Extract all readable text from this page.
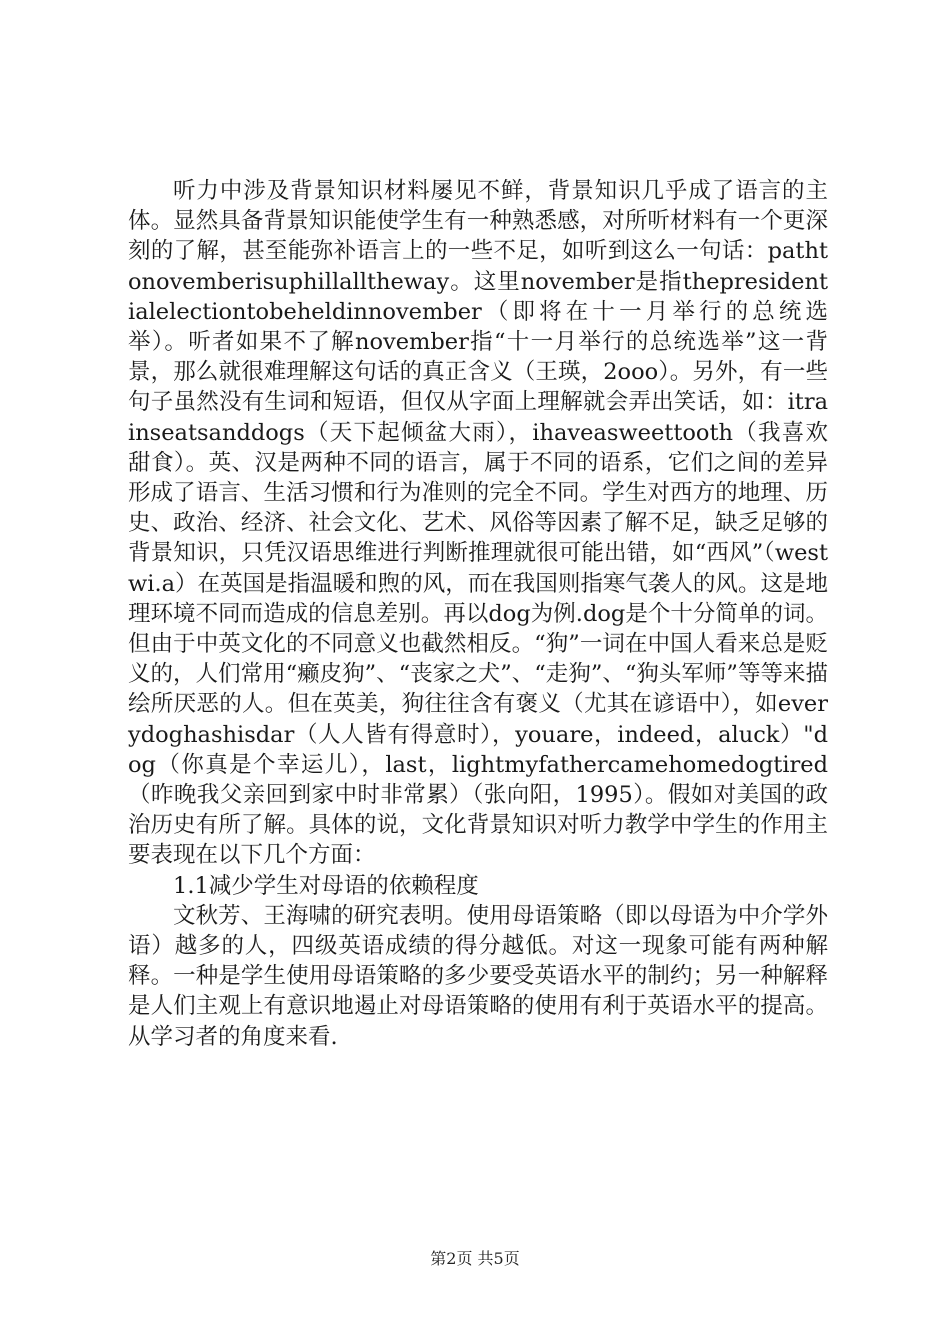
听力中涉及背景知识材料屡见不鲜，背景知识几乎成了语言的主体。显然具备背景知识能使学生有一种熟悉感，对所听材料有一个更深刻的了解，甚至能弥补语言上的一些不足，如听到这么一句话：pathtonovemberisuphillalltheway。这里november是指thepresidentialelectiontobeheldinnovember（即将在十一月举行的总统选举）。听者如果不了解november指“十一月举行的总统选举”这一背景，那么就很难理解这句话的真正含义（王瑛，2ooo）。另外，有一些句子虽然没有生词和短语，但仅从字面上理解就会弄出笑话，如：itrainseatsanddogs（天下起倾盆大雨），ihaveasweettooth（我喜欢甜食）。英、汉是两种不同的语言，属于不同的语系，它们之间的差异形成了语言、生活习惯和行为准则的完全不同。学生对西方的地理、历史、政治、经济、社会文化、艺术、风俗等因素了解不足，缺乏足够的背景知识，只凭汉语思维进行判断推理就很可能出错，如“西风”（westwi.a）在英国是指温暖和煦的风，而在我国则指寒气袭人的风。这是地理环境不同而造成的信息差别。再以dog为例.dog是个十分简单的词。但由于中英文化的不同意义也截然相反。“狗”一词在中国人看来总是贬义的，人们常用“癞皮狗”、“丧家之犬”、“走狗”、“狗头军师”等等来描绘所厌恶的人。但在英美，狗往往含有褒义（尤其在谚语中），如everydoghashisdar（人人皆有得意时），youare，indeed，aluck）"dog（你真是个幸运儿），last，lightmyfathercamehomedogtired（昨晚我父亲回到家中时非常累）（张向阳，1995）。假如对美国的政治历史有所了解。具体的说，文化背景知识对听力教学中学生的作用主要表现在以下几个方面：

1.1减少学生对母语的依赖程度

文秋芳、王海啸的研究表明。使用母语策略（即以母语为中介学外语）越多的人，四级英语成绩的得分越低。对这一现象可能有两种解释。一种是学生使用母语策略的多少要受英语水平的制约；另一种解释是人们主观上有意识地遏止对母语策略的使用有利于英语水平的提高。从学习者的角度来看.

第2页 共5页
